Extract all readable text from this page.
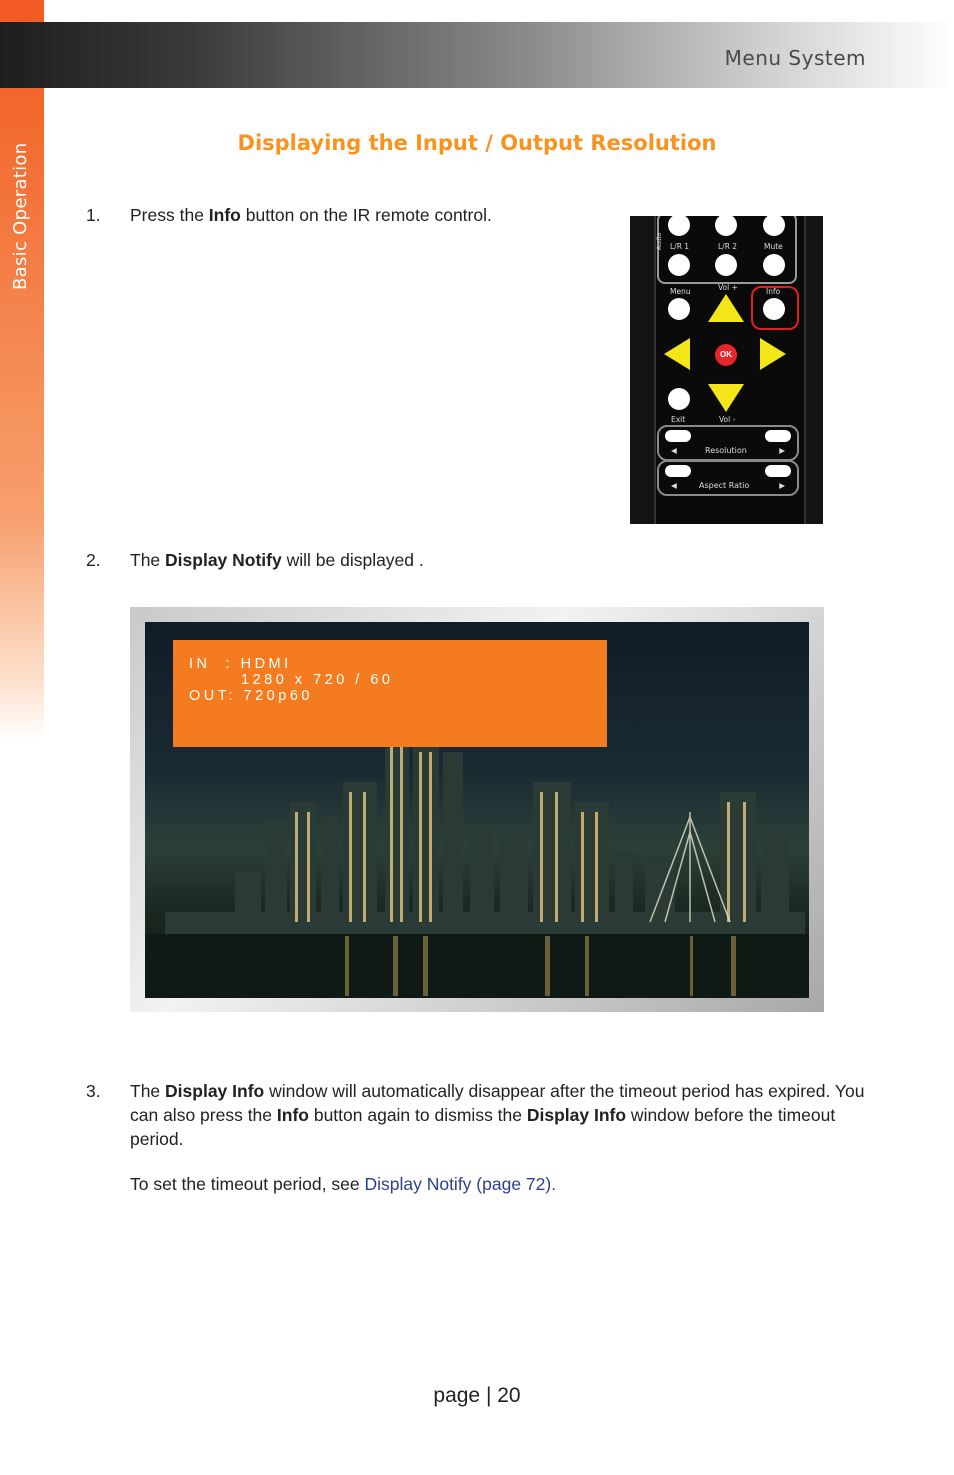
Basic Operation
Menu System
Displaying the Input / Output Resolution
1. Press the Info button on the IR remote control.
Audio L/R 1	L/R 2	Mute
Menu	Vol +	Info
OK
Exit	Vol -
◀	Resolution	▶
◀	Aspect Ratio	▶
2. The Display Notify will be displayed .
IN  : HDMI
1280 x 720 / 60
OUT: 720p60
3. The Display Info window will automatically disappear after the timeout period has expired. You can also press the Info button again to dismiss the Display Info window before the timeout period.
To set the timeout period, see Display Notify (page 72).
page | 20
